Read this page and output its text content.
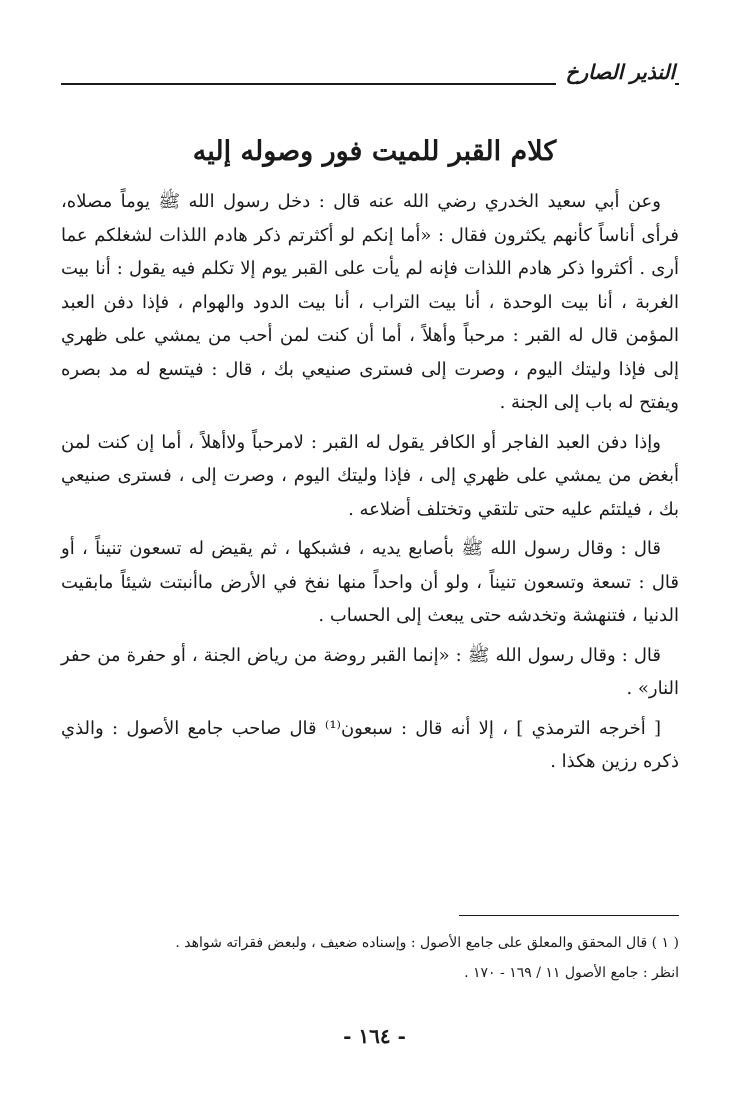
النذير الصارخ
كلام القبر للميت فور وصوله إليه

وعن أبي سعيد الخدري رضي الله عنه قال : دخل رسول الله ﷺ يوماً مصلاه، فرأى أناساً كأنهم يكثرون فقال : «أما إنكم لو أكثرتم ذكر هادم اللذات لشغلكم عما أرى . أكثروا ذكر هادم اللذات فإنه لم يأت على القبر يوم إلا تكلم فيه يقول : أنا بيت الغربة ، أنا بيت الوحدة ، أنا بيت التراب ، أنا بيت الدود والهوام ، فإذا دفن العبد المؤمن قال له القبر : مرحباً وأهلاً ، أما أن كنت لمن أحب من يمشي على ظهري إلى فإذا وليتك اليوم ، وصرت إلى فسترى صنيعي بك ، قال : فيتسع له مد بصره ويفتح له باب إلى الجنة .

وإذا دفن العبد الفاجر أو الكافر يقول له القبر : لامرحباً ولاأهلاً ، أما إن كنت لمن أبغض من يمشي على ظهري إلى ، فإذا وليتك اليوم ، وصرت إلى ، فسترى صنيعي بك ، فيلتئم عليه حتى تلتقي وتختلف أضلاعه .

قال : وقال رسول الله ﷺ بأصابع يديه ، فشبكها ، ثم يقيض له تسعون تنيناً ، أو قال : تسعة وتسعون تنيناً ، ولو أن واحداً منها نفخ في الأرض ماأنبتت شيئاً مابقيت الدنيا ، فتنهشة وتخدشه حتى يبعث إلى الحساب .

قال : وقال رسول الله ﷺ : «إنما القبر روضة من رياض الجنة ، أو حفرة من حفر النار» .

[ أخرجه الترمذي ] ، إلا أنه قال : سبعون⁽¹⁾ قال صاحب جامع الأصول : والذي ذكره رزين هكذا .

( ١ ) قال المحقق والمعلق على جامع الأصول : وإسناده ضعيف ، ولبعض فقراته شواهد .

انظر : جامع الأصول ١١ / ١٦٩ - ١٧٠ .

- ١٦٤ -
